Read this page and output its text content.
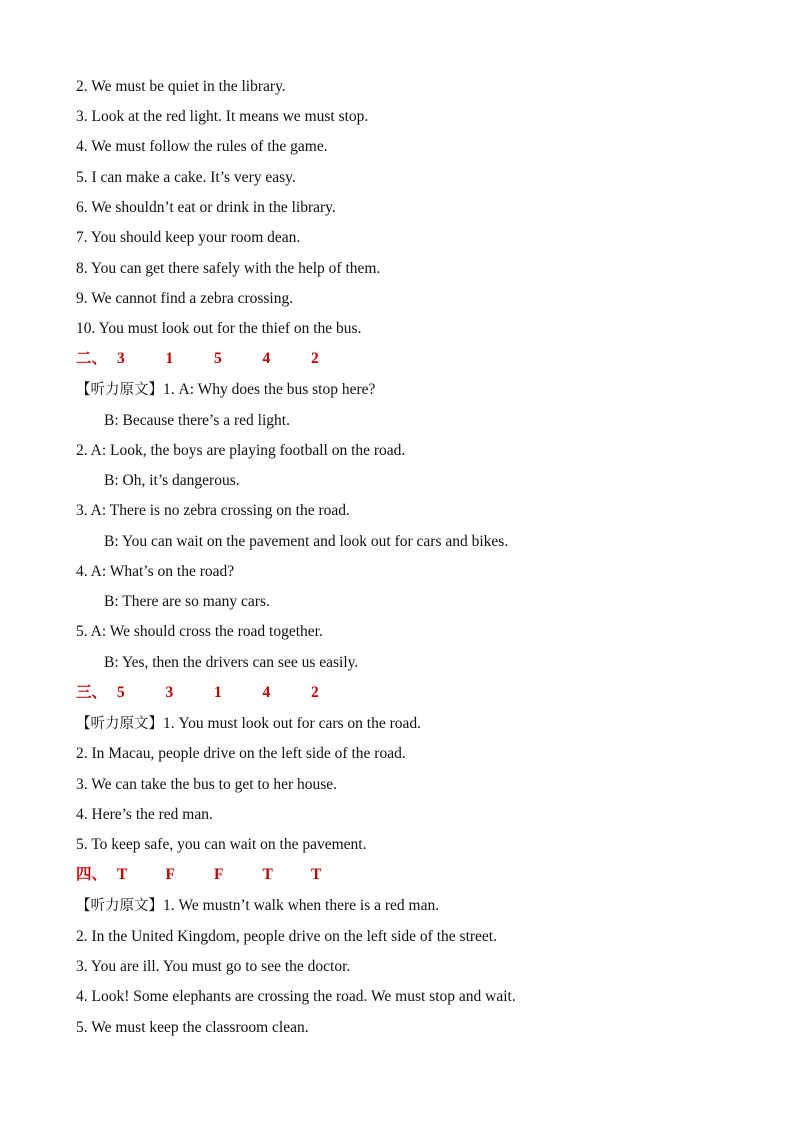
2. We must be quiet in the library.
3. Look at the red light. It means we must stop.
4. We must follow the rules of the game.
5. I can make a cake. It’s very easy.
6. We shouldn’t eat or drink in the library.
7. You should keep your room dean.
8. You can get there safely with the help of them.
9. We cannot find a zebra crossing.
10. You must look out for the thief on the bus.
二、 3	1	5	4	2
【听力原文】1. A: Why does the bus stop here?
B: Because there’s a red light.
2. A: Look, the boys are playing football on the road.
B: Oh, it’s dangerous.
3. A: There is no zebra crossing on the road.
B: You can wait on the pavement and look out for cars and bikes.
4. A: What’s on the road?
B: There are so many cars.
5. A: We should cross the road together.
B: Yes, then the drivers can see us easily.
三、 5	3	1	4	2
【听力原文】1. You must look out for cars on the road.
2. In Macau, people drive on the left side of the road.
3. We can take the bus to get to her house.
4. Here’s the red man.
5. To keep safe, you can wait on the pavement.
四、 T F	F	T T
【听力原文】1. We mustn’t walk when there is a red man.
2. In the United Kingdom, people drive on the left side of the street.
3. You are ill. You must go to see the doctor.
4. Look! Some elephants are crossing the road. We must stop and wait.
5. We must keep the classroom clean.
